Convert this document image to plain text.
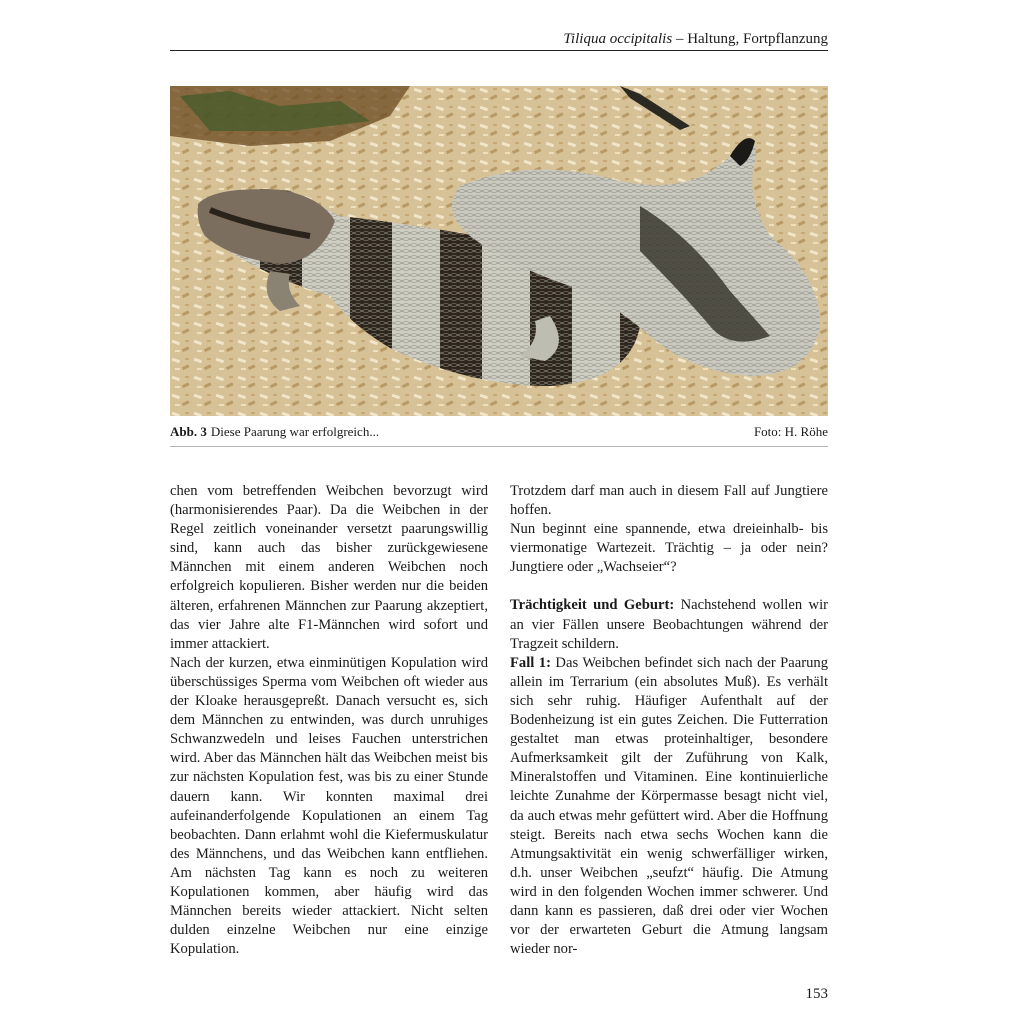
Tiliqua occipitalis – Haltung, Fortpflanzung
Abb. 3 Diese Paarung war erfolgreich...	Foto: H. Röhe

chen vom betreffenden Weibchen bevorzugt wird (harmonisierendes Paar). Da die Weibchen in der Regel zeitlich voneinander versetzt paarungswillig sind, kann auch das bisher zurückgewiesene Männchen mit einem anderen Weibchen noch erfolgreich kopulieren. Bisher werden nur die beiden älteren, erfahrenen Männchen zur Paarung akzeptiert, das vier Jahre alte F1-Männchen wird sofort und immer attackiert.

Nach der kurzen, etwa einminütigen Kopulation wird überschüssiges Sperma vom Weibchen oft wieder aus der Kloake herausgepreßt. Danach versucht es, sich dem Männchen zu entwinden, was durch unruhiges Schwanzwedeln und leises Fauchen unterstrichen wird. Aber das Männchen hält das Weibchen meist bis zur nächsten Kopulation fest, was bis zu einer Stunde dauern kann. Wir konnten maximal drei aufeinanderfolgende Kopulationen an einem Tag beobachten. Dann erlahmt wohl die Kiefermuskulatur des Männchens, und das Weibchen kann entfliehen. Am nächsten Tag kann es noch zu weiteren Kopulationen kommen, aber häufig wird das Männchen bereits wieder attackiert. Nicht selten dulden einzelne Weibchen nur eine einzige Kopulation.

Trotzdem darf man auch in diesem Fall auf Jungtiere hoffen.

Nun beginnt eine spannende, etwa dreieinhalb- bis viermonatige Wartezeit. Trächtig – ja oder nein? Jungtiere oder „Wachseier“?

Trächtigkeit und Geburt: Nachstehend wollen wir an vier Fällen unsere Beobachtungen während der Tragzeit schildern.

Fall 1: Das Weibchen befindet sich nach der Paarung allein im Terrarium (ein absolutes Muß). Es verhält sich sehr ruhig. Häufiger Aufenthalt auf der Bodenheizung ist ein gutes Zeichen. Die Futterration gestaltet man etwas proteinhaltiger, besondere Aufmerksamkeit gilt der Zuführung von Kalk, Mineralstoffen und Vitaminen. Eine kontinuierliche leichte Zunahme der Körpermasse besagt nicht viel, da auch etwas mehr gefüttert wird. Aber die Hoffnung steigt. Bereits nach etwa sechs Wochen kann die Atmungsaktivität ein wenig schwerfälliger wirken, d.h. unser Weibchen „seufzt“ häufig. Die Atmung wird in den folgenden Wochen immer schwerer. Und dann kann es passieren, daß drei oder vier Wochen vor der erwarteten Geburt die Atmung langsam wieder nor-

153
